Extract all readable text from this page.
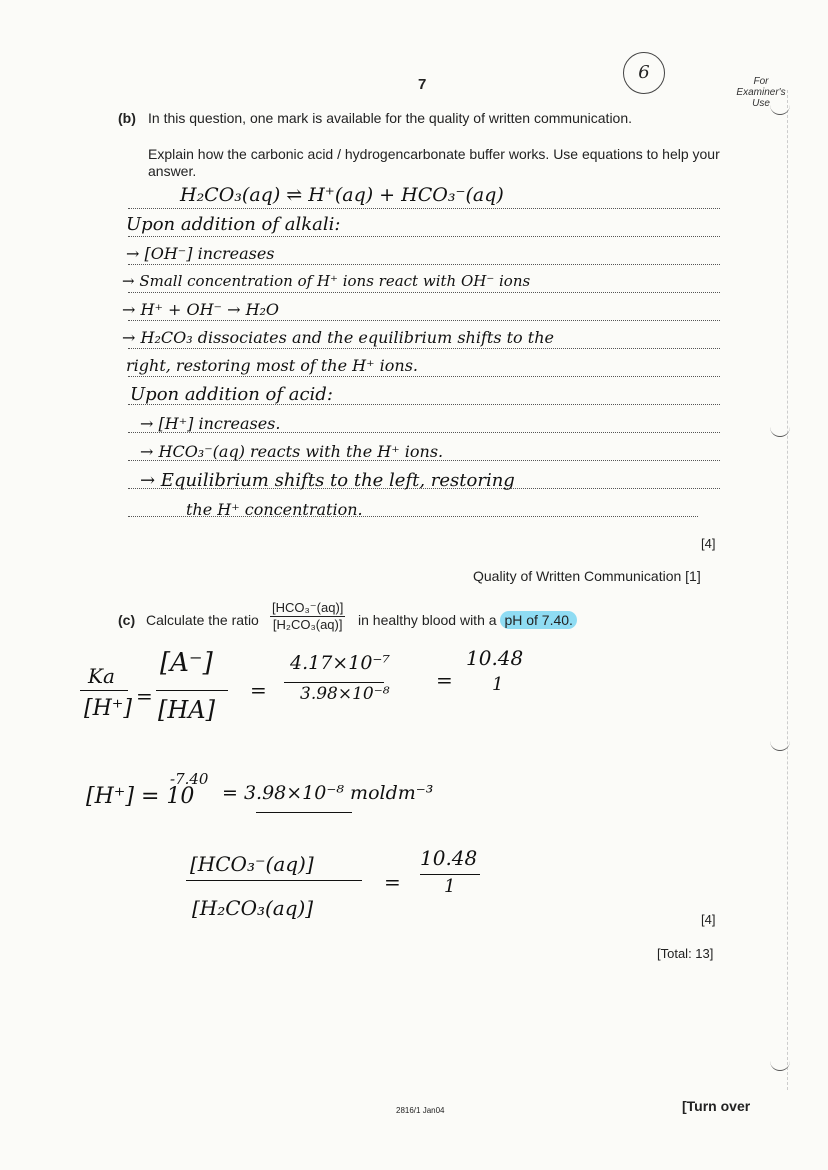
7
6	For Examiner's Use
(b) In this question, one mark is available for the quality of written communication.
Explain how the carbonic acid / hydrogencarbonate buffer works. Use equations to help your answer.
H₂CO₃(aq) ⇌ H⁺(aq) + HCO₃⁻(aq)
Upon addition of alkali:
→ [OH⁻] increases
→ Small concentration of H⁺ ions react with OH⁻ ions
→ H⁺ + OH⁻ → H₂O
→ H₂CO₃ dissociates and the equilibrium shifts to the
right, restoring most of the H⁺ ions.
Upon addition of acid:
→ [H⁺] increases.
→ HCO₃⁻(aq) reacts with the H⁺ ions.
→ Equilibrium shifts to the left, restoring
the H⁺ concentration.
[4]
Quality of Written Communication [1]
(c) Calculate the ratio
[HCO₃⁻(aq)]
[H₂CO₃(aq)] in healthy blood with a pH of 7.40.
Ka
[H⁺] =
[A⁻]
[HA]
=
4.17×10⁻⁷
3.98×10⁻⁸
=
10.48
1
[H⁺] = 10
-7.40
= 3.98×10⁻⁸ moldm⁻³
[HCO₃⁻(aq)]
[H₂CO₃(aq)]
=
10.48
1
[4]
[Total: 13]
2816/1 Jan04	[Turn over
